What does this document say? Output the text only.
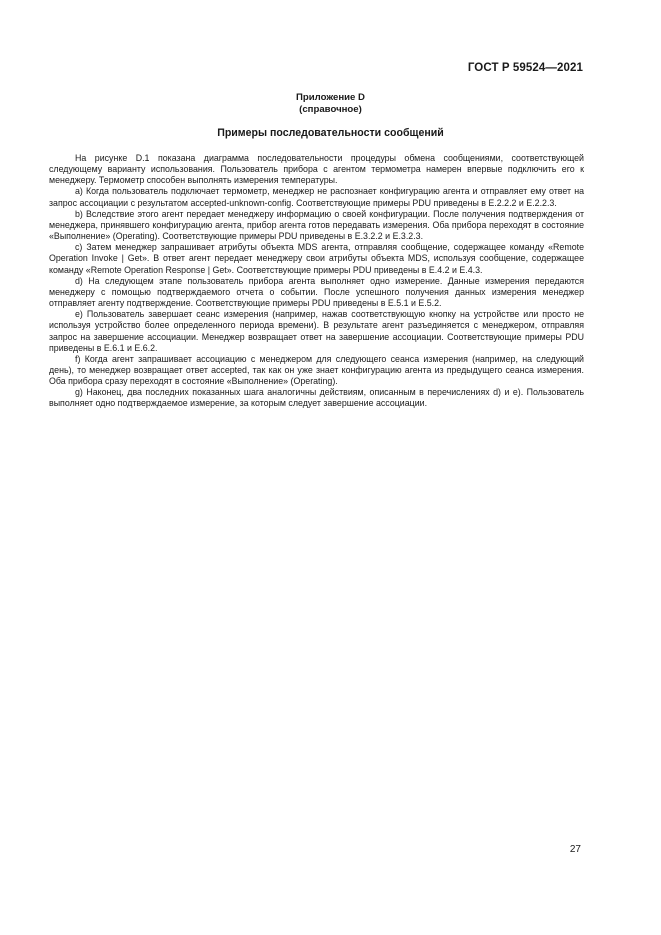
ГОСТ Р 59524—2021
Приложение D
(справочное)
Примеры последовательности сообщений

На рисунке D.1 показана диаграмма последовательности процедуры обмена сообщениями, соответствующей следующему варианту использования. Пользователь прибора с агентом термометра намерен впервые подключить его к менеджеру. Термометр способен выполнять измерения температуры.

a) Когда пользователь подключает термометр, менеджер не распознает конфигурацию агента и отправляет ему ответ на запрос ассоциации с результатом accepted-unknown-config. Соответствующие примеры PDU приведены в Е.2.2.2 и Е.2.2.3.

b) Вследствие этого агент передает менеджеру информацию о своей конфигурации. После получения подтверждения от менеджера, принявшего конфигурацию агента, прибор агента готов передавать измерения. Оба прибора переходят в состояние «Выполнение» (Operating). Соответствующие примеры PDU приведены в Е.3.2.2 и Е.3.2.3.

c) Затем менеджер запрашивает атрибуты объекта MDS агента, отправляя сообщение, содержащее команду «Remote Operation Invoke | Get». В ответ агент передает менеджеру свои атрибуты объекта MDS, используя сообщение, содержащее команду «Remote Operation Response | Get». Соответствующие примеры PDU приведены в Е.4.2 и Е.4.3.

d) На следующем этапе пользователь прибора агента выполняет одно измерение. Данные измерения передаются менеджеру с помощью подтверждаемого отчета о событии. После успешного получения данных измерения менеджер отправляет агенту подтверждение. Соответствующие примеры PDU приведены в Е.5.1 и Е.5.2.

e) Пользователь завершает сеанс измерения (например, нажав соответствующую кнопку на устройстве или просто не используя устройство более определенного периода времени). В результате агент разъединяется с менеджером, отправляя запрос на завершение ассоциации. Менеджер возвращает ответ на завершение ассоциации. Соответствующие примеры PDU приведены в Е.6.1 и Е.6.2.

f) Когда агент запрашивает ассоциацию с менеджером для следующего сеанса измерения (например, на следующий день), то менеджер возвращает ответ accepted, так как он уже знает конфигурацию агента из предыдущего сеанса измерения. Оба прибора сразу переходят в состояние «Выполнение» (Operating).

g) Наконец, два последних показанных шага аналогичны действиям, описанным в перечислениях d) и е). Пользователь выполняет одно подтверждаемое измерение, за которым следует завершение ассоциации.

27
